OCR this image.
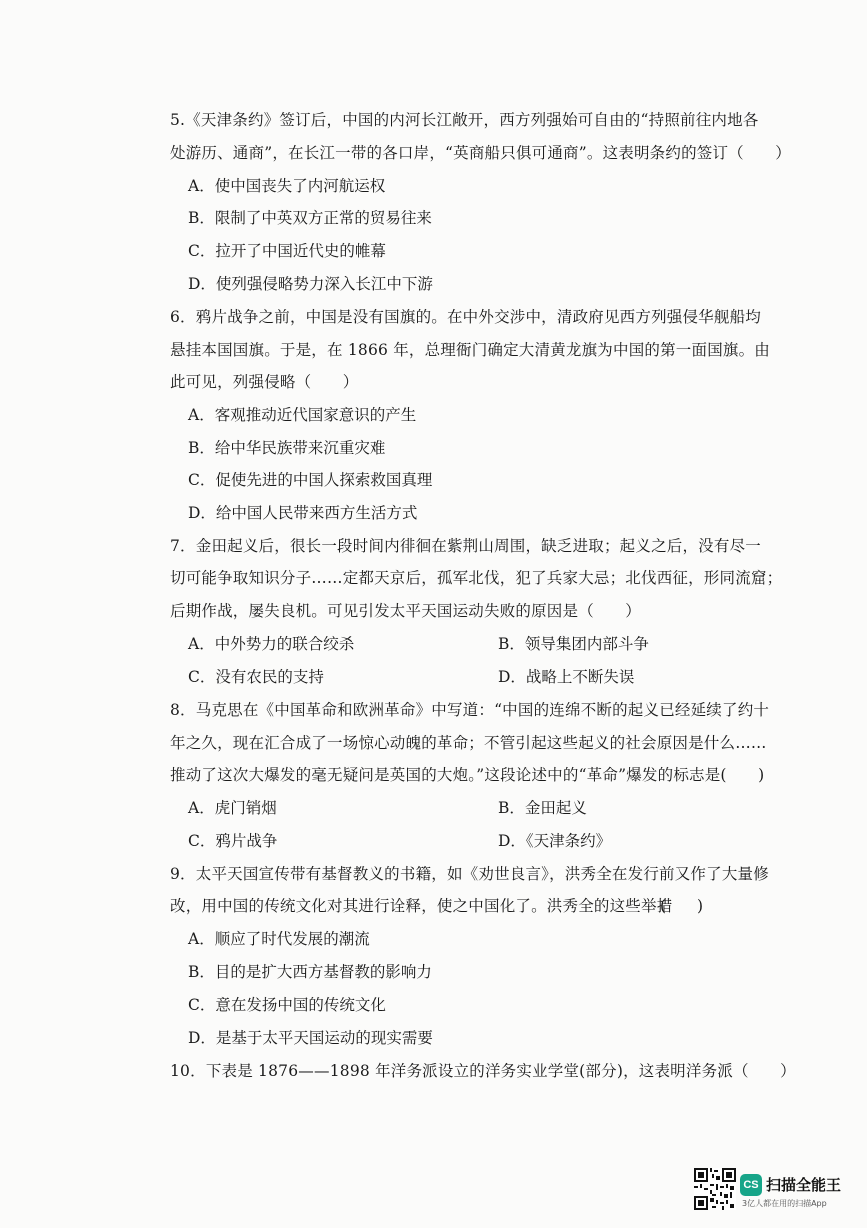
5.《天津条约》签订后，中国的内河长江敞开，西方列强始可自由的“持照前往内地各
处游历、通商”，在长江一带的各口岸，“英商船只俱可通商”。这表明条约的签订（　　）
A．使中国丧失了内河航运权
B．限制了中英双方正常的贸易往来
C．拉开了中国近代史的帷幕
D．使列强侵略势力深入长江中下游
6．鸦片战争之前，中国是没有国旗的。在中外交涉中，清政府见西方列强侵华舰船均
悬挂本国国旗。于是，在 1866 年，总理衙门确定大清黄龙旗为中国的第一面国旗。由
此可见，列强侵略（　　）
A．客观推动近代国家意识的产生
B．给中华民族带来沉重灾难
C．促使先进的中国人探索救国真理
D．给中国人民带来西方生活方式
7．金田起义后，很长一段时间内徘徊在紫荆山周围，缺乏进取；起义之后，没有尽一
切可能争取知识分子……定都天京后，孤军北伐，犯了兵家大忌；北伐西征，形同流窟；
后期作战，屡失良机。可见引发太平天国运动失败的原因是（　　）
A．中外势力的联合绞杀	B．领导集团内部斗争
C．没有农民的支持	D．战略上不断失误
8．马克思在《中国革命和欧洲革命》中写道：“中国的连绵不断的起义已经延续了约十
年之久，现在汇合成了一场惊心动魄的革命；不管引起这些起义的社会原因是什么……
推动了这次大爆发的毫无疑问是英国的大炮。”这段论述中的“革命”爆发的标志是(　　)
A．虎门销烟	B．金田起义
C．鸦片战争	D．《天津条约》
9．太平天国宣传带有基督教义的书籍，如《劝世良言》，洪秀全在发行前又作了大量修
改，用中国的传统文化对其进行诠释，使之中国化了。洪秀全的这些举措
(　　)
A．顺应了时代发展的潮流
B．目的是扩大西方基督教的影响力
C．意在发扬中国的传统文化
D．是基于太平天国运动的现实需要
10．下表是 1876——1898 年洋务派设立的洋务实业学堂(部分)，这表明洋务派（　　）
CS 扫描全能王
3亿人都在用的扫描App
